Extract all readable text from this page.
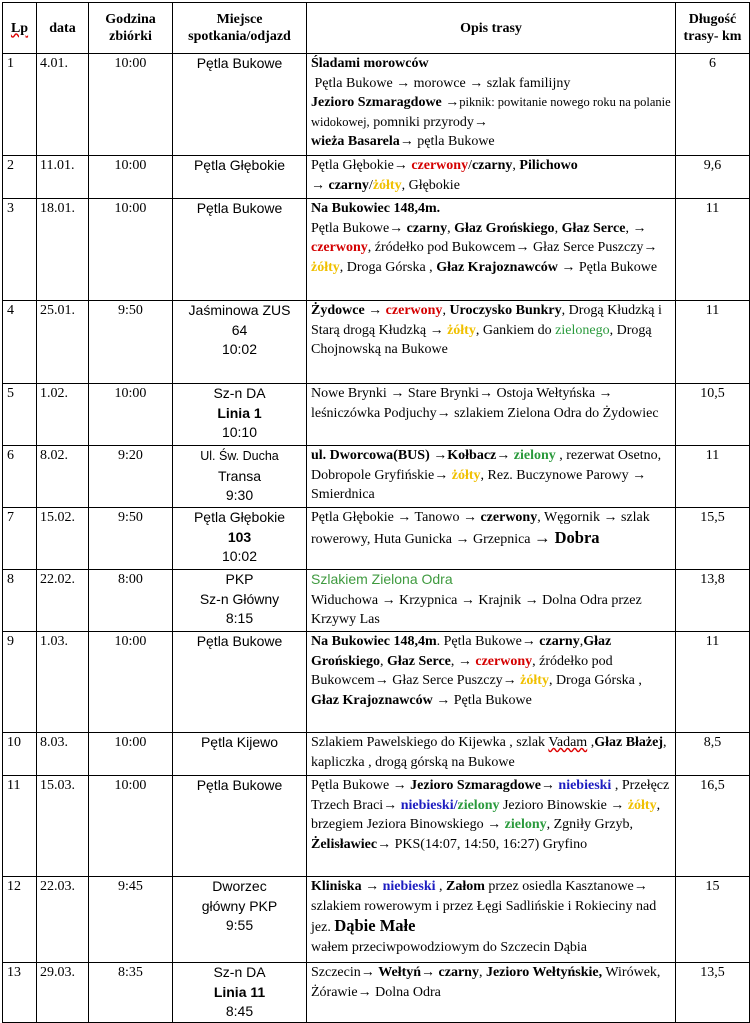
Lp	data	Godzina zbiórki	Miejsce spotkania/odjazd	Opis trasy	Długość trasy- km
1	4.01.	10:00	Pętla Bukowe	Śladami morowców
Pętla Bukowe → morowce → szlak familijny
Jezioro Szmaragdowe →piknik: powitanie nowego roku na polanie widokowej, pomniki przyrody→
wieża Basarela→ pętla Bukowe	6
2	11.01.	10:00	Pętla Głębokie	Pętla Głębokie→ czerwony/czarny, Pilichowo
→ czarny/żółty, Głębokie	9,6
3	18.01.	10:00	Pętla Bukowe	Na Bukowiec 148,4m.
Pętla Bukowe→ czarny, Głaz Grońskiego, Głaz Serce, → czerwony, źródełko pod Bukowcem→ Głaz Serce Puszczy→ żółty, Droga Górska , Głaz Krajoznawców → Pętla Bukowe	11
4	25.01.	9:50	Jaśminowa ZUS
64
10:02	Żydowce → czerwony, Uroczysko Bunkry, Drogą Kłudzką i Starą drogą Kłudzką → żółty, Gankiem do zielonego, Drogą Chojnowską na Bukowe	11
5	1.02.	10:00	Sz-n DA
Linia 1
10:10	Nowe Brynki → Stare Brynki→ Ostoja Wełtyńska → leśniczówka Podjuchy→ szlakiem Zielona Odra do Żydowiec	10,5
6	8.02.	9:20	Ul. Św. Ducha
Transa
9:30	ul. Dworcowa(BUS) →Kołbacz→ zielony , rezerwat Osetno, Dobropole Gryfińskie→ żółty, Rez. Buczynowe Parowy → Smierdnica	11
7	15.02.	9:50	Pętla Głębokie
103
10:02	Pętla Głębokie → Tanowo → czerwony, Węgornik → szlak rowerowy, Huta Gunicka → Grzepnica → Dobra	15,5
8	22.02.	8:00	PKP
Sz-n Główny
8:15	Szlakiem Zielona Odra
Widuchowa → Krzypnica → Krajnik → Dolna Odra przez Krzywy Las	13,8
9	1.03.	10:00	Pętla Bukowe	Na Bukowiec 148,4m. Pętla Bukowe→ czarny,Głaz Grońskiego, Głaz Serce, → czerwony, źródełko pod Bukowcem→ Głaz Serce Puszczy→ żółty, Droga Górska , Głaz Krajoznawców → Pętla Bukowe	11
10	8.03.	10:00	Pętla Kijewo	Szlakiem Pawelskiego do Kijewka , szlak Vadam ,Głaz Błażej, kapliczka , drogą górską na Bukowe	8,5
11	15.03.	10:00	Pętla Bukowe	Pętla Bukowe → Jezioro Szmaragdowe→ niebieski , Przełęcz Trzech Braci→ niebieski/zielony Jezioro Binowskie → żółty, brzegiem Jeziora Binowskiego → zielony, Zgniły Grzyb, Żelisławiec→ PKS(14:07, 14:50, 16:27) Gryfino	16,5
12	22.03.	9:45	Dworzec
główny PKP
9:55	Kliniska → niebieski , Załom przez osiedla Kasztanowe→ szlakiem rowerowym i przez Łęgi Sadlińskie i Rokieciny nad jez. Dąbie Małe
wałem przeciwpowodziowym do Szczecin Dąbia	15
13	29.03.	8:35	Sz-n DA
Linia 11
8:45	Szczecin→ Wełtyń→ czarny, Jezioro Wełtyńskie, Wirówek, Żórawie→ Dolna Odra	13,5
